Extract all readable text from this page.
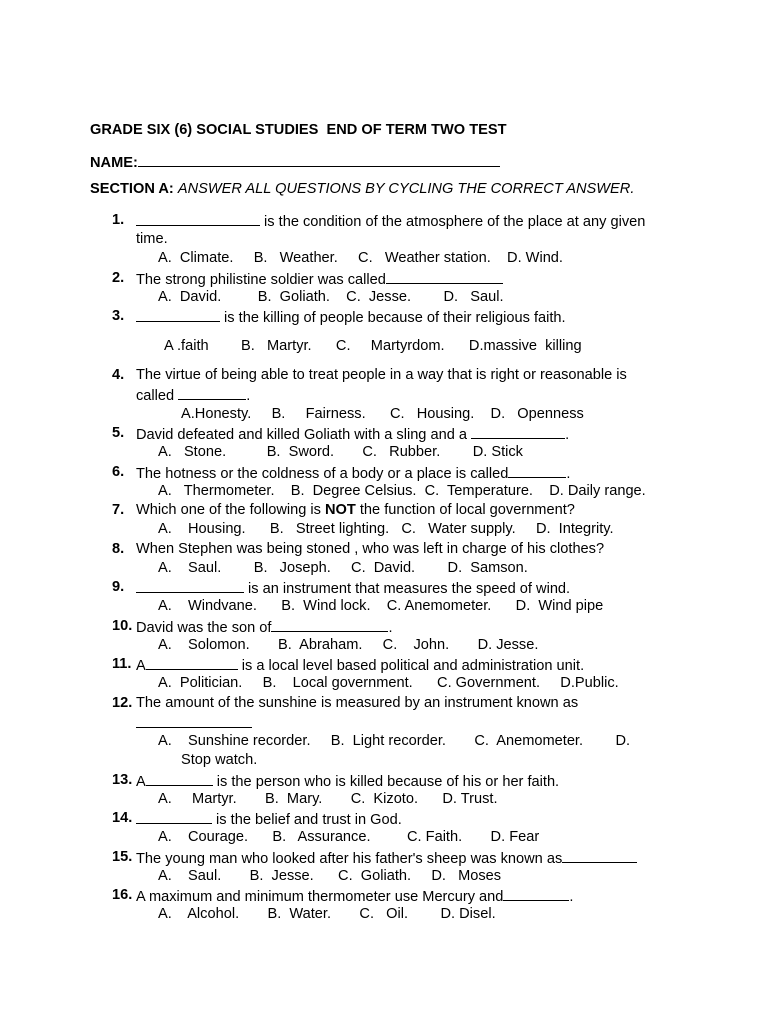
GRADE SIX (6) SOCIAL STUDIES  END OF TERM TWO TEST
NAME:
SECTION A: ANSWER ALL QUESTIONS BY CYCLING THE CORRECT ANSWER.
1.	is the condition of the atmosphere of the place at any given
time.
A.  Climate.     B.   Weather.     C.   Weather station.    D. Wind.
2. The strong philistine soldier was called
A.  David.         B.  Goliath.    C.  Jesse.        D.   Saul.
3.	is the killing of people because of their religious faith.
A .faith        B.   Martyr.      C.     Martyrdom.      D.massive  killing
4. The virtue of being able to treat people in a way that is right or reasonable is
called	.
A.Honesty.     B.     Fairness.      C.   Housing.    D.   Openness
5. David defeated and killed Goliath with a sling and a	.
A.   Stone.          B.  Sword.       C.   Rubber.        D. Stick
6. The hotness or the coldness of a body or a place is called	.
A.   Thermometer.    B.  Degree Celsius.  C.  Temperature.    D. Daily range.
7. Which one of the following is NOT the function of local government?
A.    Housing.      B.   Street lighting.   C.   Water supply.     D.  Integrity.
8. When Stephen was being stoned , who was left in charge of his clothes?
A.    Saul.        B.   Joseph.     C.  David.        D.  Samson.
9.	is an instrument that measures the speed of wind.
A.    Windvane.      B.  Wind lock.    C. Anemometer.      D.  Wind pipe
10. David was the son of	.
A.    Solomon.       B.  Abraham.     C.    John.       D. Jesse.
11. A	is a local level based political and administration unit.
A.  Politician.     B.    Local government.      C. Government.     D.Public.
12. The amount of the sunshine is measured by an instrument known as
A.    Sunshine recorder.     B.  Light recorder.       C.  Anemometer.        D.
Stop watch.
13. A	is the person who is killed because of his or her faith.
A.     Martyr.       B.  Mary.       C.  Kizoto.      D. Trust.
14.	is the belief and trust in God.
A.    Courage.      B.   Assurance.         C. Faith.       D. Fear
15. The young man who looked after his father's sheep was known as
A.    Saul.       B.  Jesse.      C.  Goliath.     D.   Moses
16. A maximum and minimum thermometer use Mercury and	.
A.    Alcohol.       B.  Water.       C.   Oil.        D. Disel.
